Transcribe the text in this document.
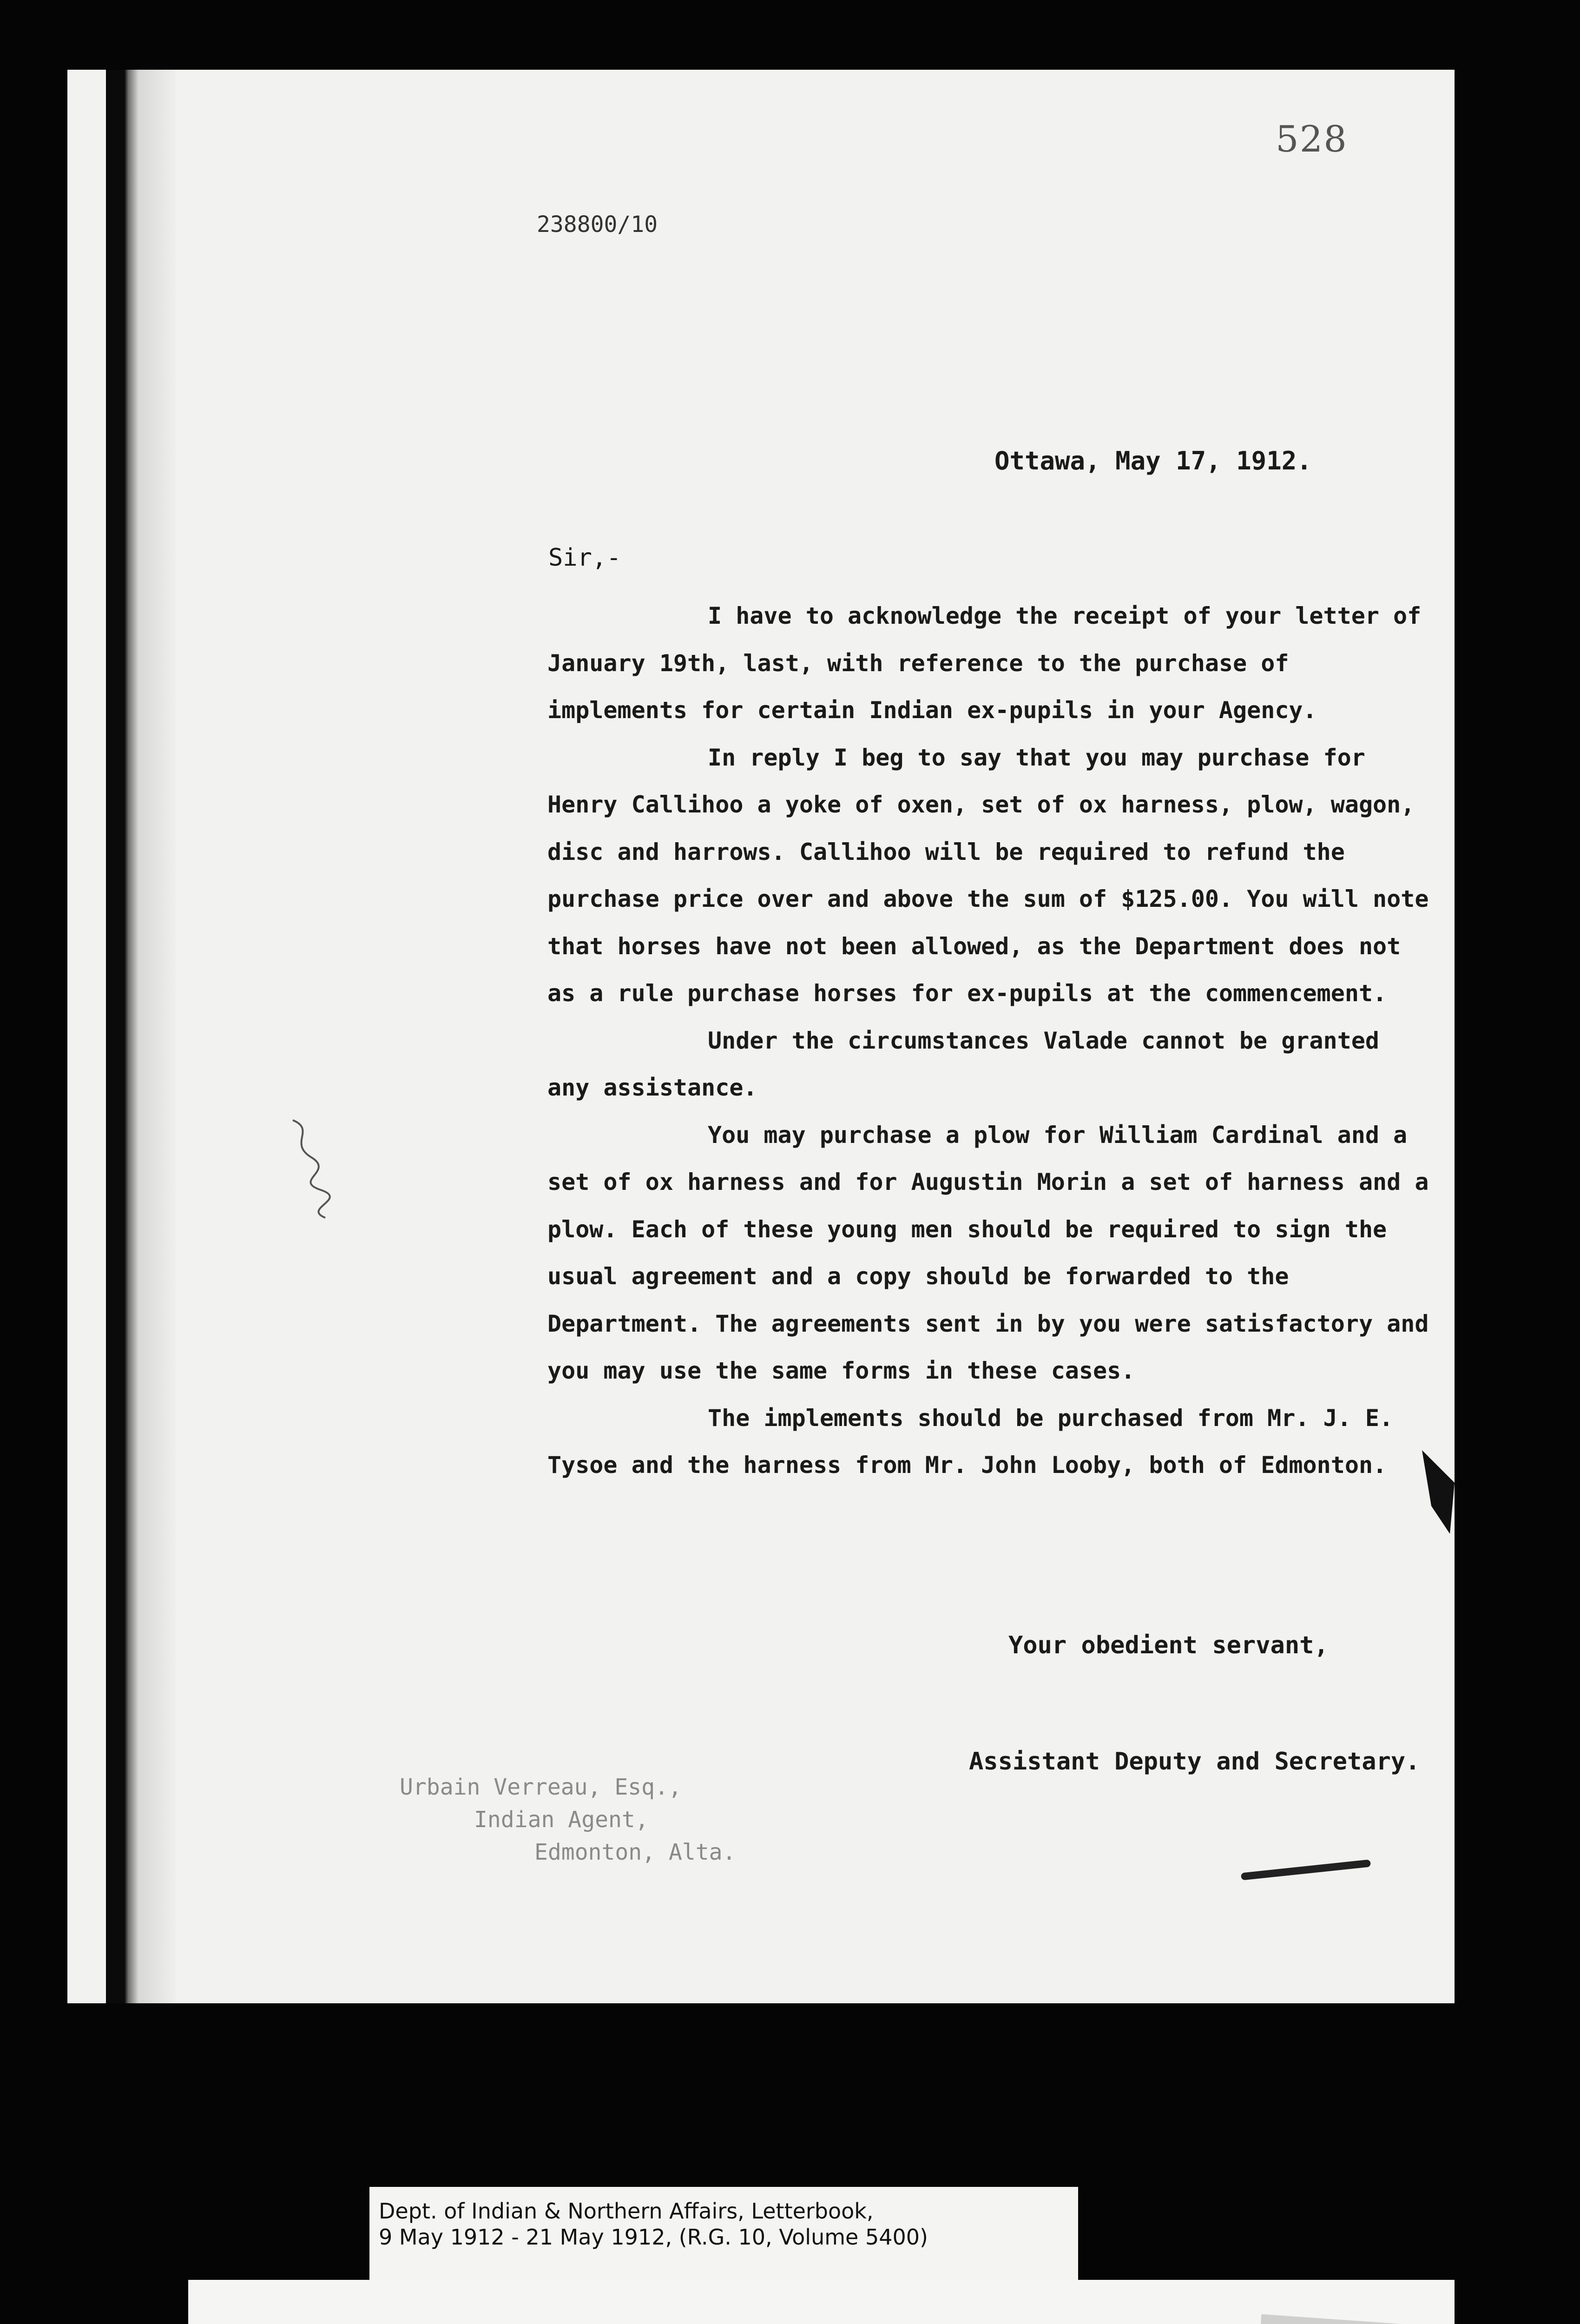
528
238800/10
Ottawa, May 17, 1912.
Sir,-

I have to acknowledge the receipt of your letter of January 19th, last, with reference to the purchase of implements for certain Indian ex-pupils in your Agency.

In reply I beg to say that you may purchase for Henry Callihoo a yoke of oxen, set of ox harness, plow, wagon, disc and harrows. Callihoo will be required to refund the purchase price over and above the sum of $125.00. You will note that horses have not been allowed, as the Department does not as a rule purchase horses for ex-pupils at the commencement.

Under the circumstances Valade cannot be granted any assistance.

You may purchase a plow for William Cardinal and a set of ox harness and for Augustin Morin a set of harness and a plow. Each of these young men should be required to sign the usual agreement and a copy should be forwarded to the Department. The agreements sent in by you were satisfactory and you may use the same forms in these cases.

The implements should be purchased from Mr. J. E. Tysoe and the harness from Mr. John Looby, both of Edmonton.

Your obedient servant,
Assistant Deputy and Secretary.
Urbain Verreau, Esq.,
Indian Agent,
Edmonton, Alta.
Dept. of Indian & Northern Affairs, Letterbook,
9 May 1912 - 21 May 1912, (R.G. 10, Volume 5400)
